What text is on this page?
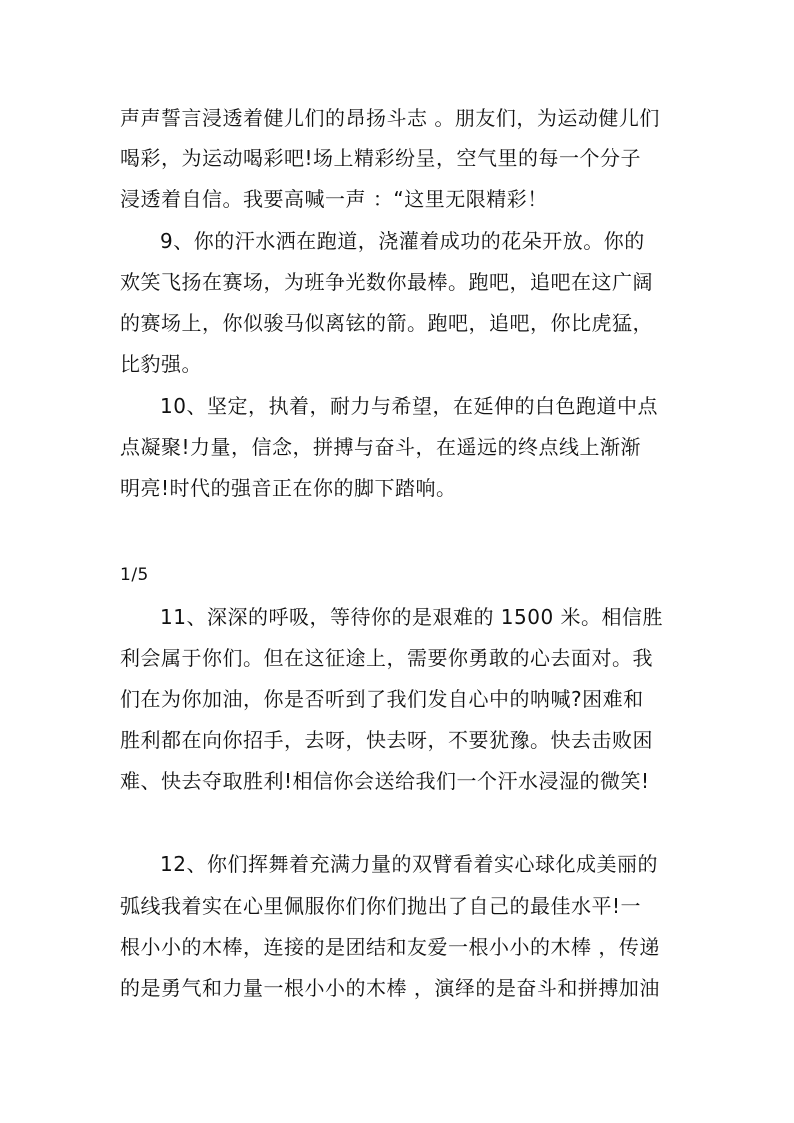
声声誓言浸透着健儿们的昂扬斗志 。朋友们，为运动健儿们
喝彩，为运动喝彩吧!场上精彩纷呈，空气里的每一个分子
浸透着自信。我要高喊一声 ：“这里无限精彩！
9、你的汗水洒在跑道，浇灌着成功的花朵开放。你的
欢笑飞扬在赛场，为班争光数你最棒。跑吧，追吧在这广阔
的赛场上，你似骏马似离铉的箭。跑吧，追吧，你比虎猛，
比豹强。
10、坚定，执着，耐力与希望，在延伸的白色跑道中点
点凝聚!力量，信念，拼搏与奋斗，在遥远的终点线上渐渐
明亮!时代的强音正在你的脚下踏响。
1/5
11、深深的呼吸，等待你的是艰难的 1500 米。相信胜
利会属于你们。但在这征途上，需要你勇敢的心去面对。我
们在为你加油，你是否听到了我们发自心中的呐喊?困难和
胜利都在向你招手，去呀，快去呀，不要犹豫。快去击败困
难、快去夺取胜利!相信你会送给我们一个汗水浸湿的微笑!
12、你们挥舞着充满力量的双臂看着实心球化成美丽的
弧线我着实在心里佩服你们你们抛出了自己的最佳水平!一
根小小的木棒，连接的是团结和友爱一根小小的木棒 ，传递
的是勇气和力量一根小小的木棒 ，演绎的是奋斗和拼搏加油
